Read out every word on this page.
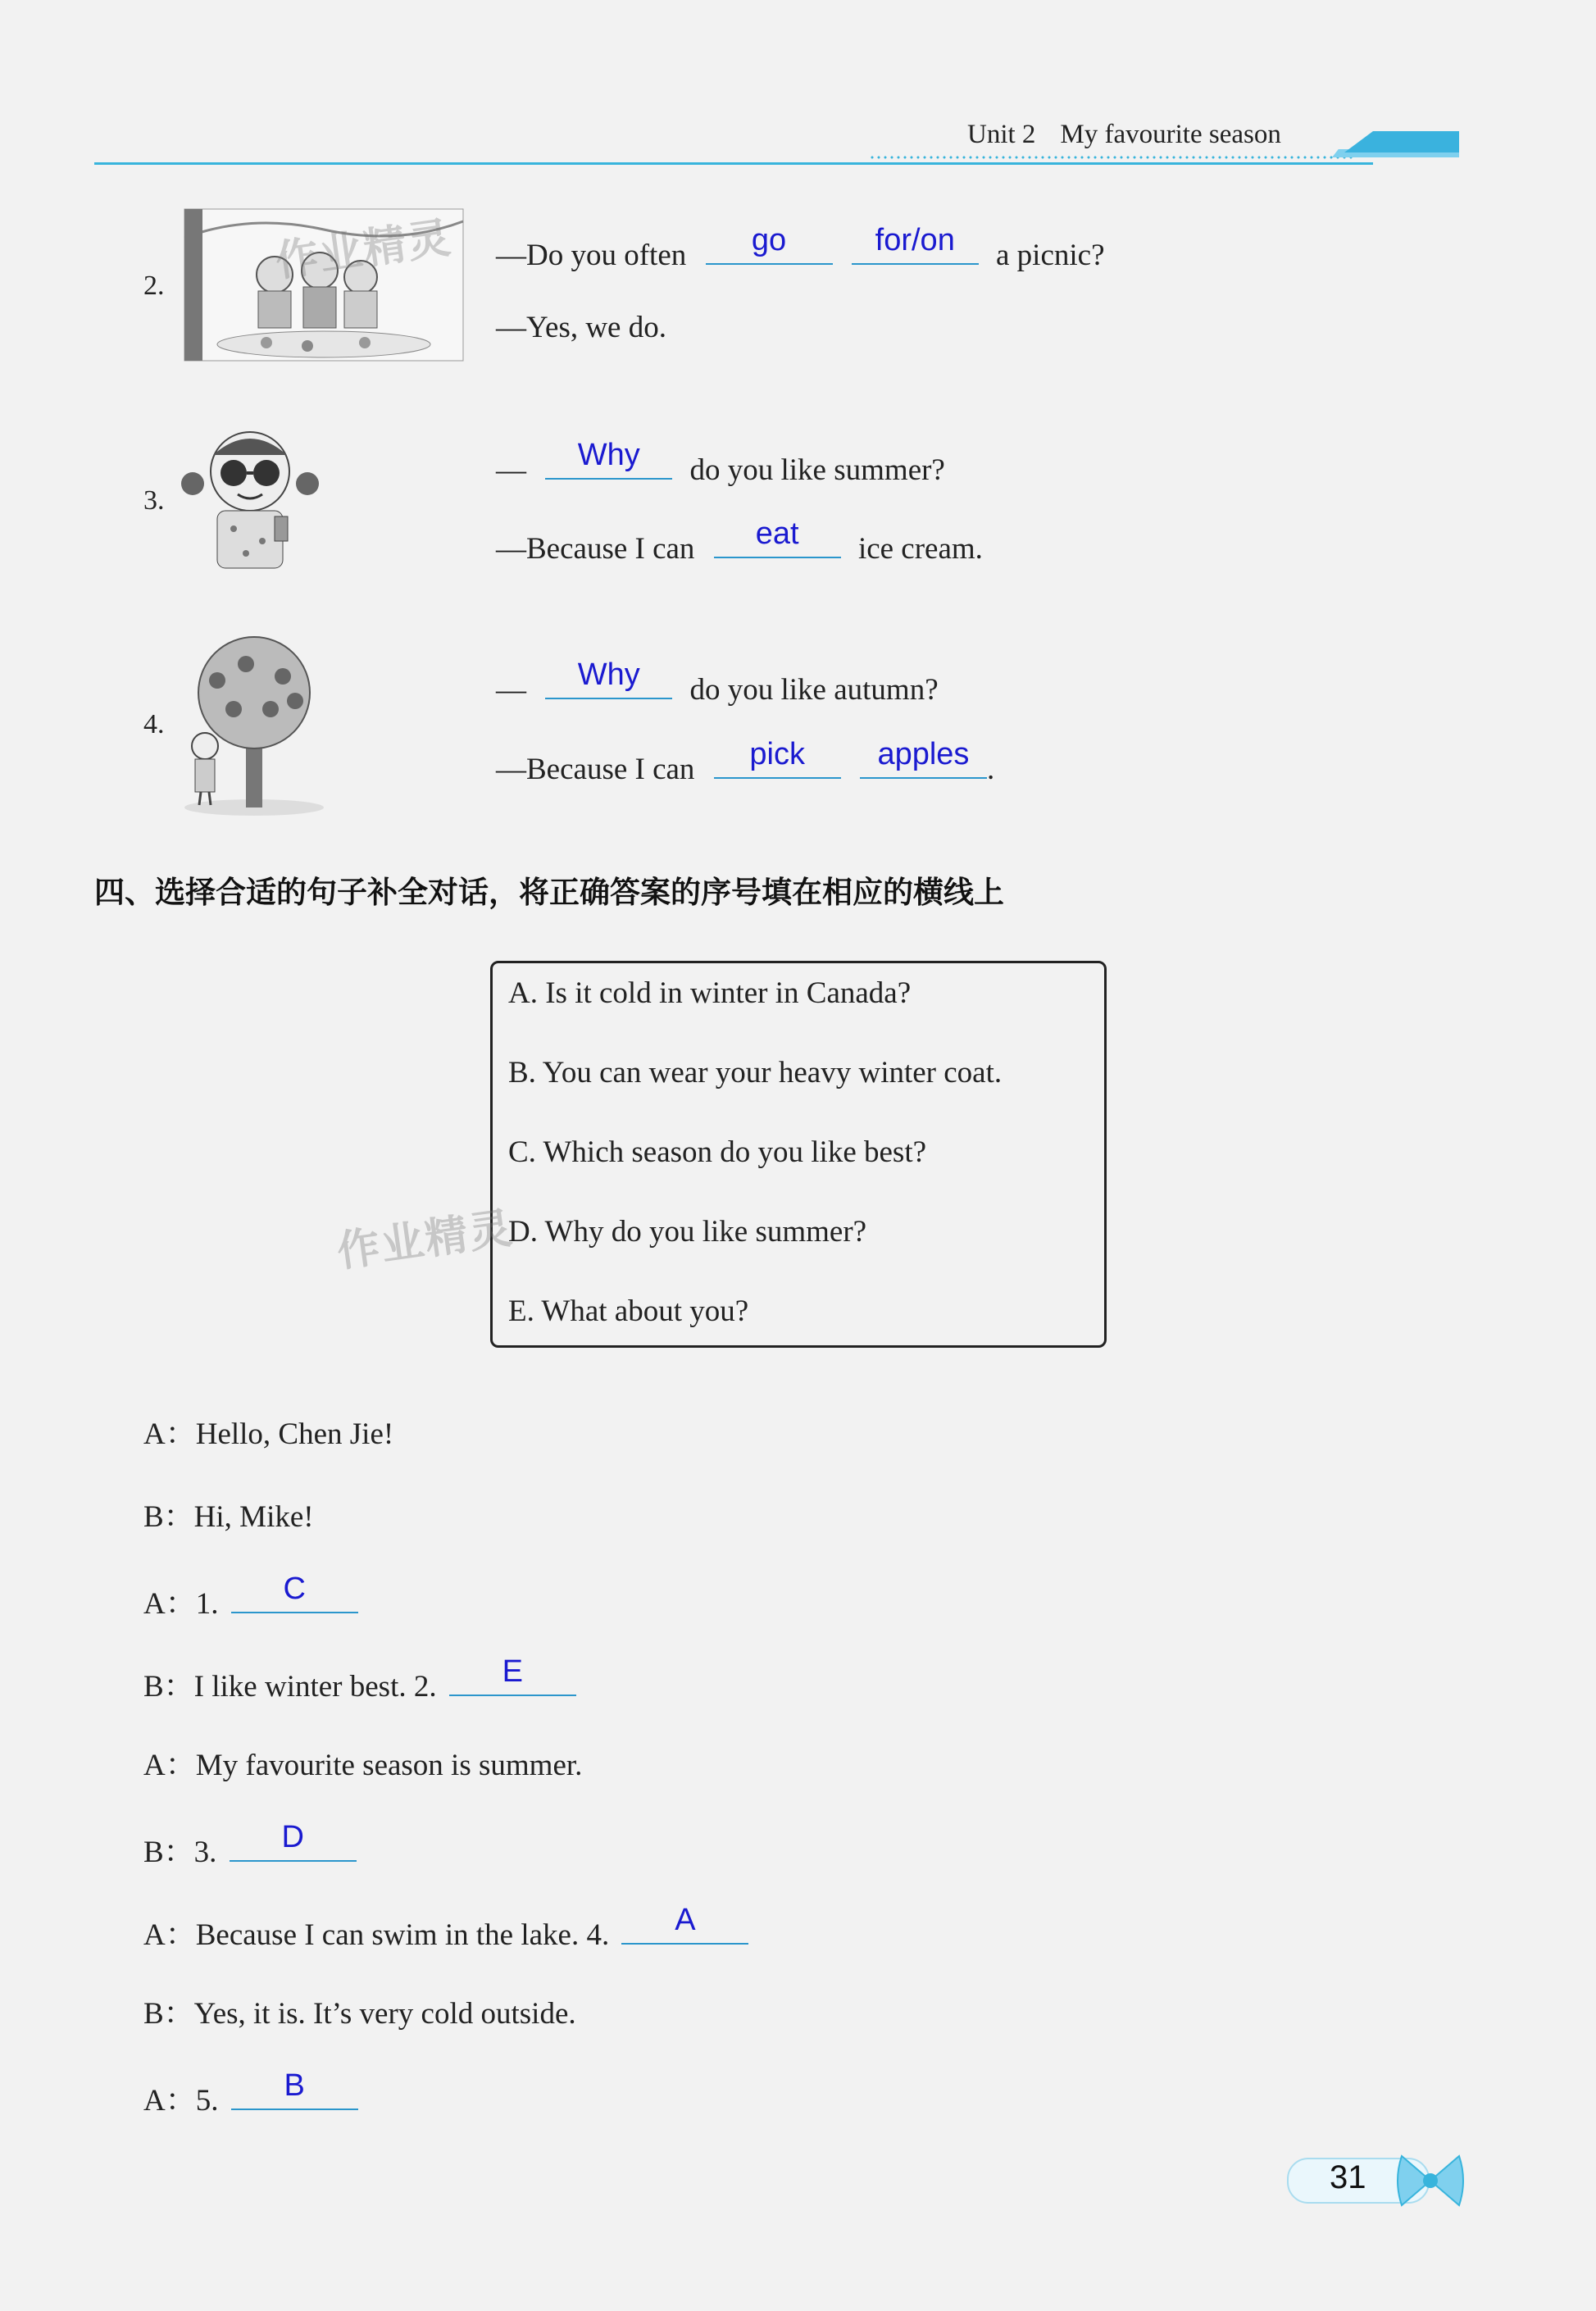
Unit 2 My favourite season
2.	作业精灵 —Do you often	go
	for/on	a picnic?
—Yes, we do.
3.
—	Why	do you like summer?
—Because I can	eat	ice cream.
4.
—	Why	do you like autumn?
—Because I can	pick
	apples .
四、选择合适的句子补全对话，将正确答案的序号填在相应的横线上
A. Is it cold in winter in Canada?
B. You can wear your heavy winter coat.
C. Which season do you like best?
D. Why do you like summer?
E. What about you?
作业精灵
A：Hello, Chen Jie!
B：Hi, Mike!
A：1.	C
B：I like winter best. 2.	E
A：My favourite season is summer.
B：3.	D
A：Because I can swim in the lake. 4.	A
B：Yes, it is. It’s very cold outside.
A：5.	B
31
